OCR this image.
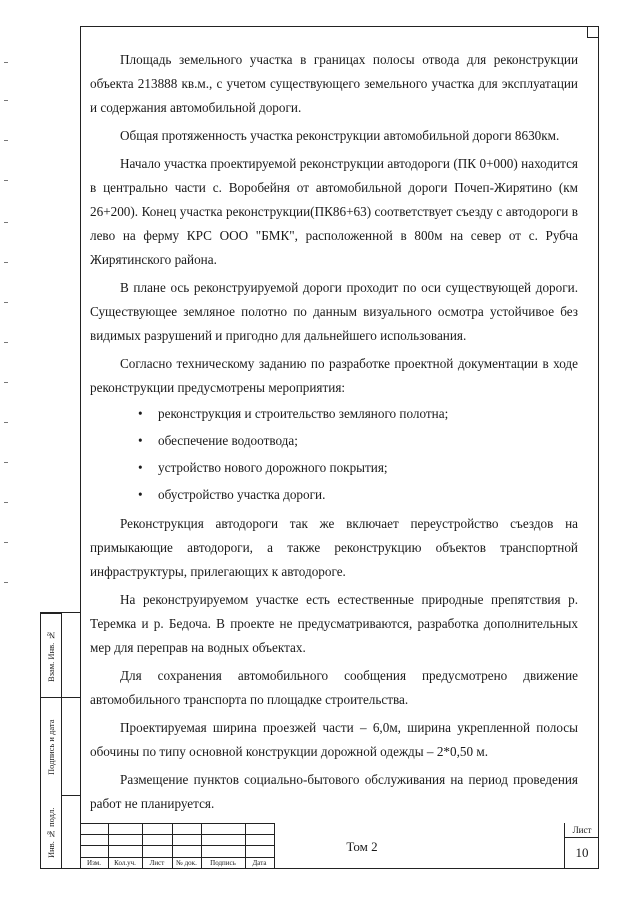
Площадь земельного участка в границах полосы отвода для реконструкции объекта 213888 кв.м., с учетом существующего земельного участка для эксплуатации и содержания автомобильной дороги.

Общая протяженность участка реконструкции автомобильной дороги 8630км.

Начало участка проектируемой реконструкции автодороги (ПК 0+000) находится в центрально части с. Воробейня от автомобильной дороги Почеп-Жирятино (км 26+200). Конец участка реконструкции(ПК86+63) соответствует съезду с автодороги в лево на ферму КРС ООО "БМК", расположенной в 800м на север от с. Рубча Жирятинского района.

В плане ось реконструируемой дороги проходит по оси существующей дороги. Существующее земляное полотно по данным визуального осмотра устойчивое без видимых разрушений и пригодно для дальнейшего использования.

Согласно техническому заданию по разработке проектной документации в ходе реконструкции предусмотрены мероприятия:

• реконструкция и строительство земляного полотна;
• обеспечение водоотвода;
• устройство нового дорожного покрытия;
• обустройство участка дороги.

Реконструкция автодороги так же включает переустройство съездов на примыкающие автодороги, а также реконструкцию объектов транспортной инфраструктуры, прилегающих к автодороге.

На реконструируемом участке есть естественные природные препятствия р. Теремка и р. Бедоча. В проекте не предусматриваются, разработка дополнительных мер для переправ на водных объектах.

Для сохранения автомобильного сообщения предусмотрено движение автомобильного транспорта по площадке строительства.

Проектируемая ширина проезжей части – 6,0м, ширина укрепленной полосы обочины по типу основной конструкции дорожной одежды – 2*0,50 м.

Размещение пунктов социально-бытового обслуживания на период проведения работ не планируется.

Взам. Инв. №
Подпись и дата
Инв. № подл.
Изм.	Кол.уч.	Лист	№ док.	Подпись	Дата
Лист
10
Том 2
